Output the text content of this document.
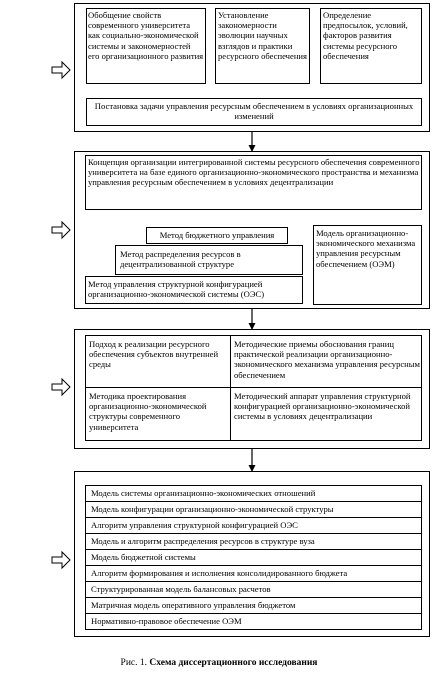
Обобщение свойств современного университета как социально-экономической системы и закономерностей его организационного развития
Установление закономерности эволюции научных взглядов и практики ресурсного обеспечения
Определение предпосылок, условий, факторов развития системы ресурсного обеспечения
Постановка задачи управления ресурсным обеспечением в условиях организационных изменений
Концепция организации интегрированной системы ресурсного обеспечения современного университета на базе единого организационно-экономического пространства и механизма управления ресурсным обеспечением в условиях децентрализации
Метод бюджетного управления
Метод распределения ресурсов в децентрализованной структуре
Метод управления структурной конфигурацией организационно-экономической системы (ОЭС)
Модель организационно-экономического механизма управления ресурсным обеспечением (ОЭМ)
Подход к реализации ресурсного обеспечения субъектов внутренней среды
Методические приемы обоснования границ практической реализации организационно-экономического механизма управления ресурсным обеспечением
Методика проектирования организационно-экономической структуры современного университета
Методический аппарат управления структурной конфигурацией организационно-экономической системы в условиях децентрализации
Модель системы организационно-экономических отношений
Модель конфигурации организационно-экономической структуры
Алгоритм управления структурной конфигурацией ОЭС
Модель и алгоритм распределения ресурсов в структуре вуза
Модель бюджетной системы
Алгоритм формирования и исполнения консолидированного бюджета
Структурированная модель балансовых расчетов
Матричная модель оперативного управления бюджетом
Нормативно-правовое обеспечение ОЭМ
Рис. 1. Схема диссертационного исследования
